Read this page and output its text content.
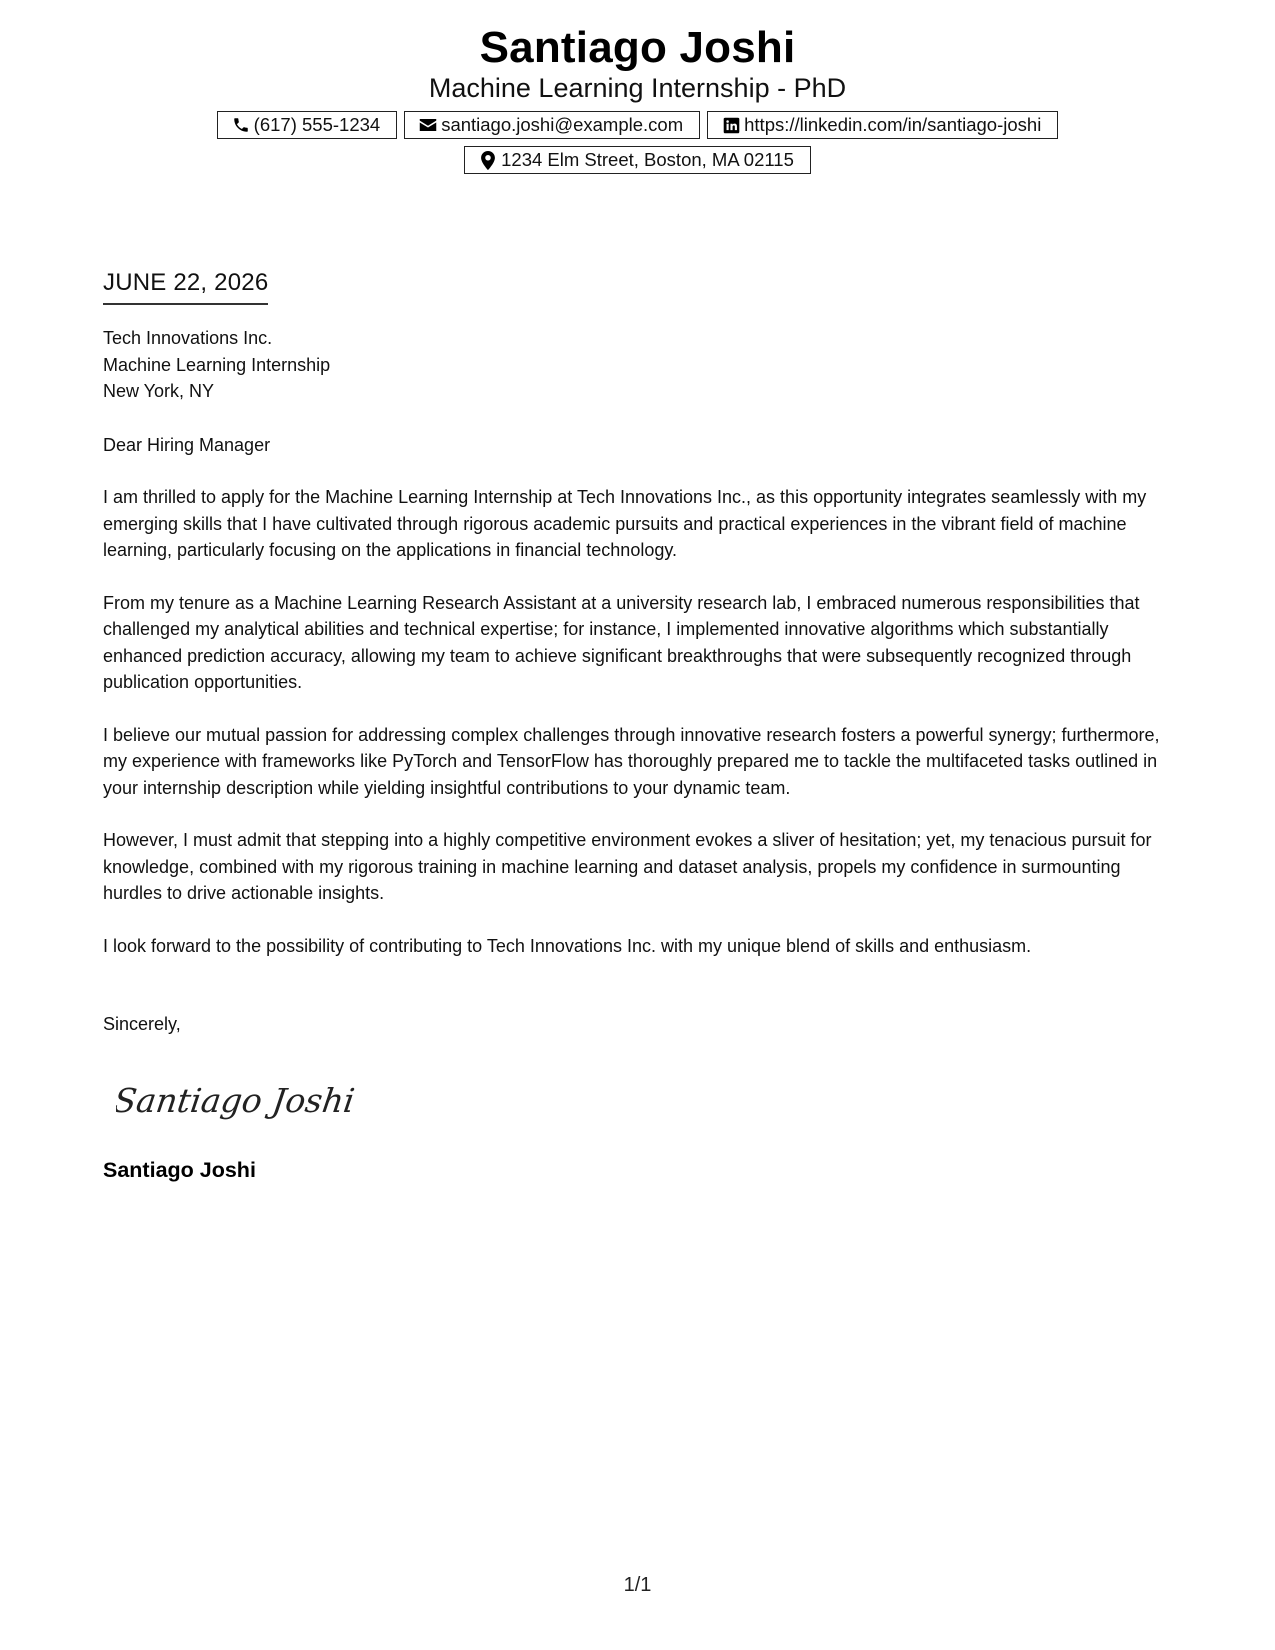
Santiago Joshi
Machine Learning Internship - PhD
(617) 555-1234	santiago.joshi@example.com	https://linkedin.com/in/santiago-joshi
1234 Elm Street, Boston, MA 02115
JUNE 22, 2026
Tech Innovations Inc.
Machine Learning Internship
New York, NY
Dear Hiring Manager
I am thrilled to apply for the Machine Learning Internship at Tech Innovations Inc., as this opportunity integrates seamlessly with my emerging skills that I have cultivated through rigorous academic pursuits and practical experiences in the vibrant field of machine learning, particularly focusing on the applications in financial technology.
From my tenure as a Machine Learning Research Assistant at a university research lab, I embraced numerous responsibilities that challenged my analytical abilities and technical expertise; for instance, I implemented innovative algorithms which substantially enhanced prediction accuracy, allowing my team to achieve significant breakthroughs that were subsequently recognized through publication opportunities.
I believe our mutual passion for addressing complex challenges through innovative research fosters a powerful synergy; furthermore, my experience with frameworks like PyTorch and TensorFlow has thoroughly prepared me to tackle the multifaceted tasks outlined in your internship description while yielding insightful contributions to your dynamic team.
However, I must admit that stepping into a highly competitive environment evokes a sliver of hesitation; yet, my tenacious pursuit for knowledge, combined with my rigorous training in machine learning and dataset analysis, propels my confidence in surmounting hurdles to drive actionable insights.
I look forward to the possibility of contributing to Tech Innovations Inc. with my unique blend of skills and enthusiasm.
Sincerely,
Santiago Joshi
Santiago Joshi
1/1
